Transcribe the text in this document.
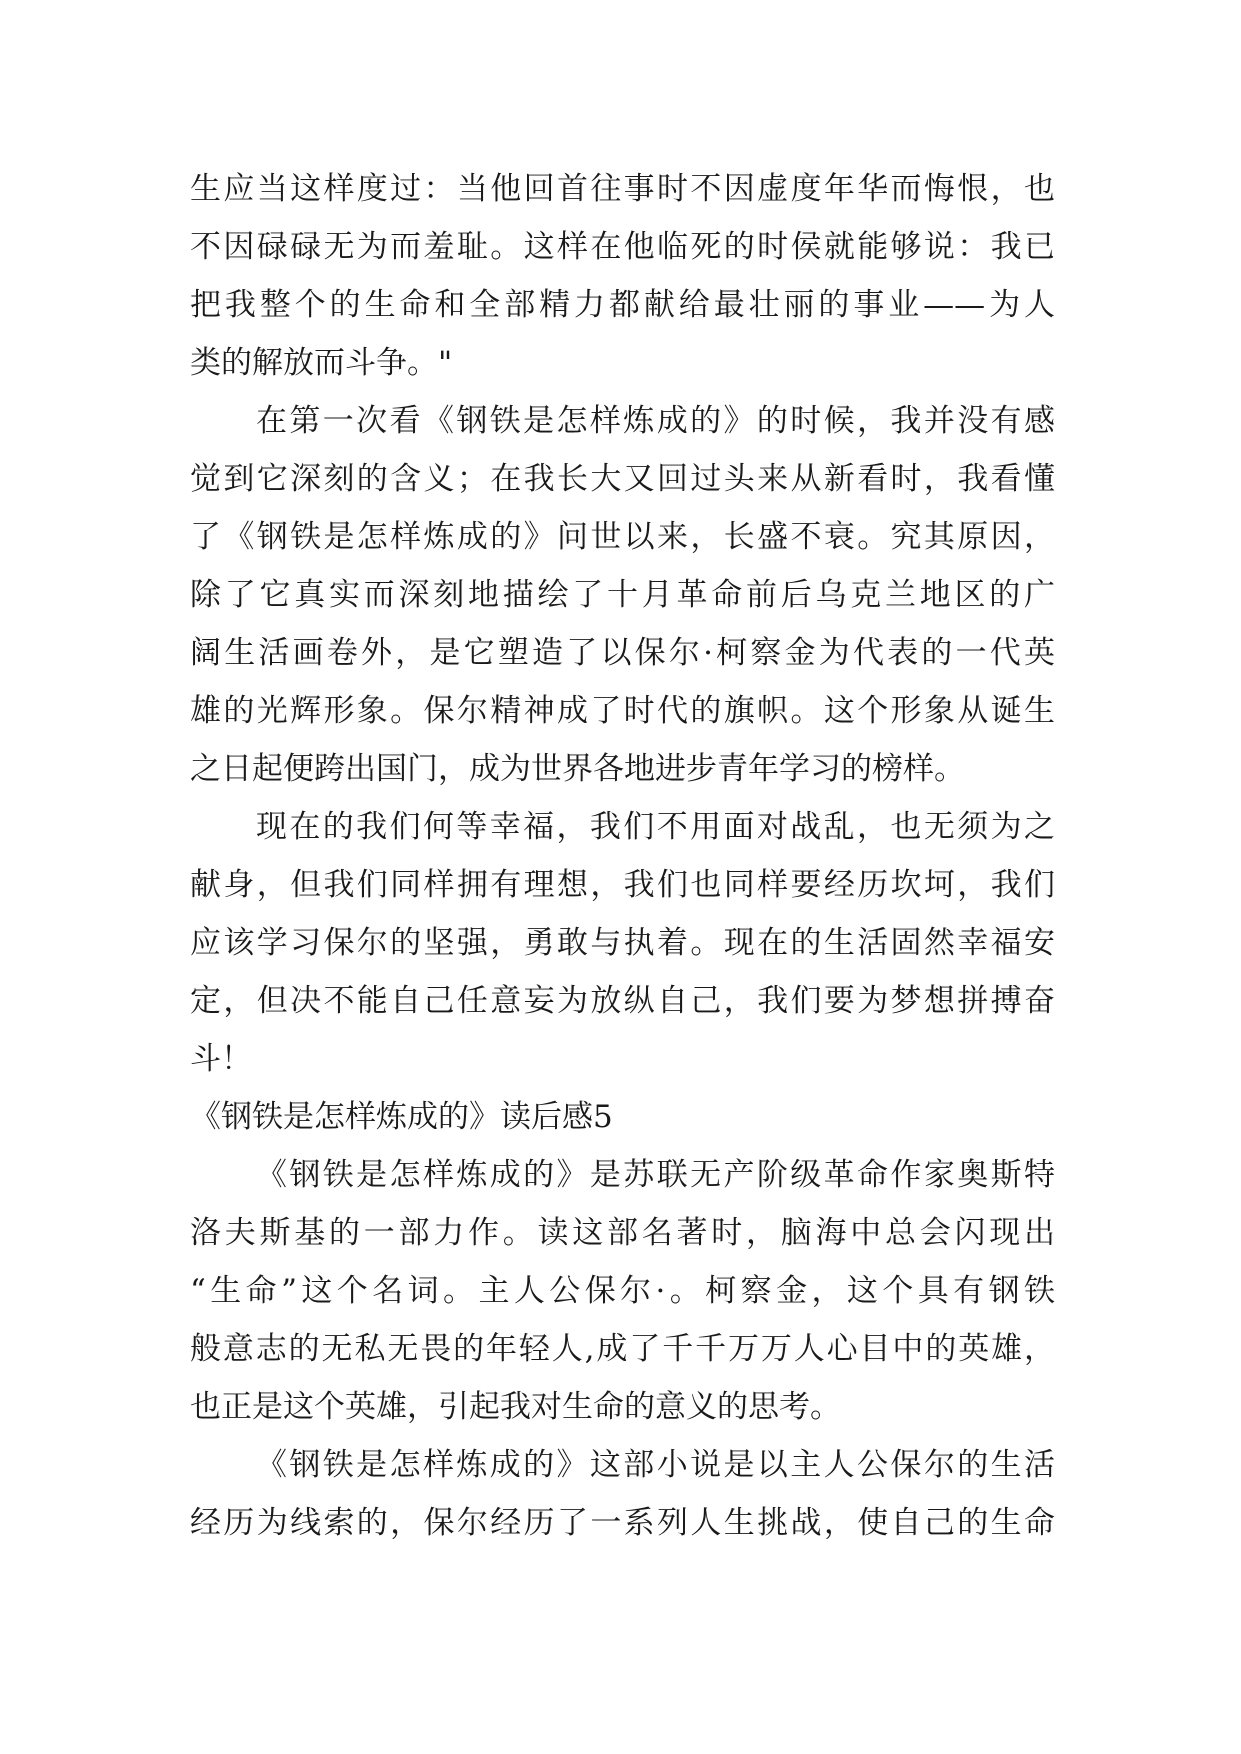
生应当这样度过：当他回首往事时不因虚度年华而悔恨，也
不因碌碌无为而羞耻。这样在他临死的时侯就能够说：我已
把我整个的生命和全部精力都献给最壮丽的事业——为人
类的解放而斗争。"
在第一次看《钢铁是怎样炼成的》的时候，我并没有感
觉到它深刻的含义；在我长大又回过头来从新看时，我看懂
了《钢铁是怎样炼成的》问世以来，长盛不衰。究其原因，
除了它真实而深刻地描绘了十月革命前后乌克兰地区的广
阔生活画卷外，是它塑造了以保尔·柯察金为代表的一代英
雄的光辉形象。保尔精神成了时代的旗帜。这个形象从诞生
之日起便跨出国门，成为世界各地进步青年学习的榜样。
现在的我们何等幸福，我们不用面对战乱，也无须为之
献身，但我们同样拥有理想，我们也同样要经历坎坷，我们
应该学习保尔的坚强，勇敢与执着。现在的生活固然幸福安
定，但决不能自己任意妄为放纵自己，我们要为梦想拼搏奋
斗！
《钢铁是怎样炼成的》读后感5
《钢铁是怎样炼成的》是苏联无产阶级革命作家奥斯特
洛夫斯基的一部力作。读这部名著时，脑海中总会闪现出
“生命”这个名词。主人公保尔·。柯察金，这个具有钢铁
般意志的无私无畏的年轻人,成了千千万万人心目中的英雄，
也正是这个英雄，引起我对生命的意义的思考。
《钢铁是怎样炼成的》这部小说是以主人公保尔的生活
经历为线索的，保尔经历了一系列人生挑战，使自己的生命
